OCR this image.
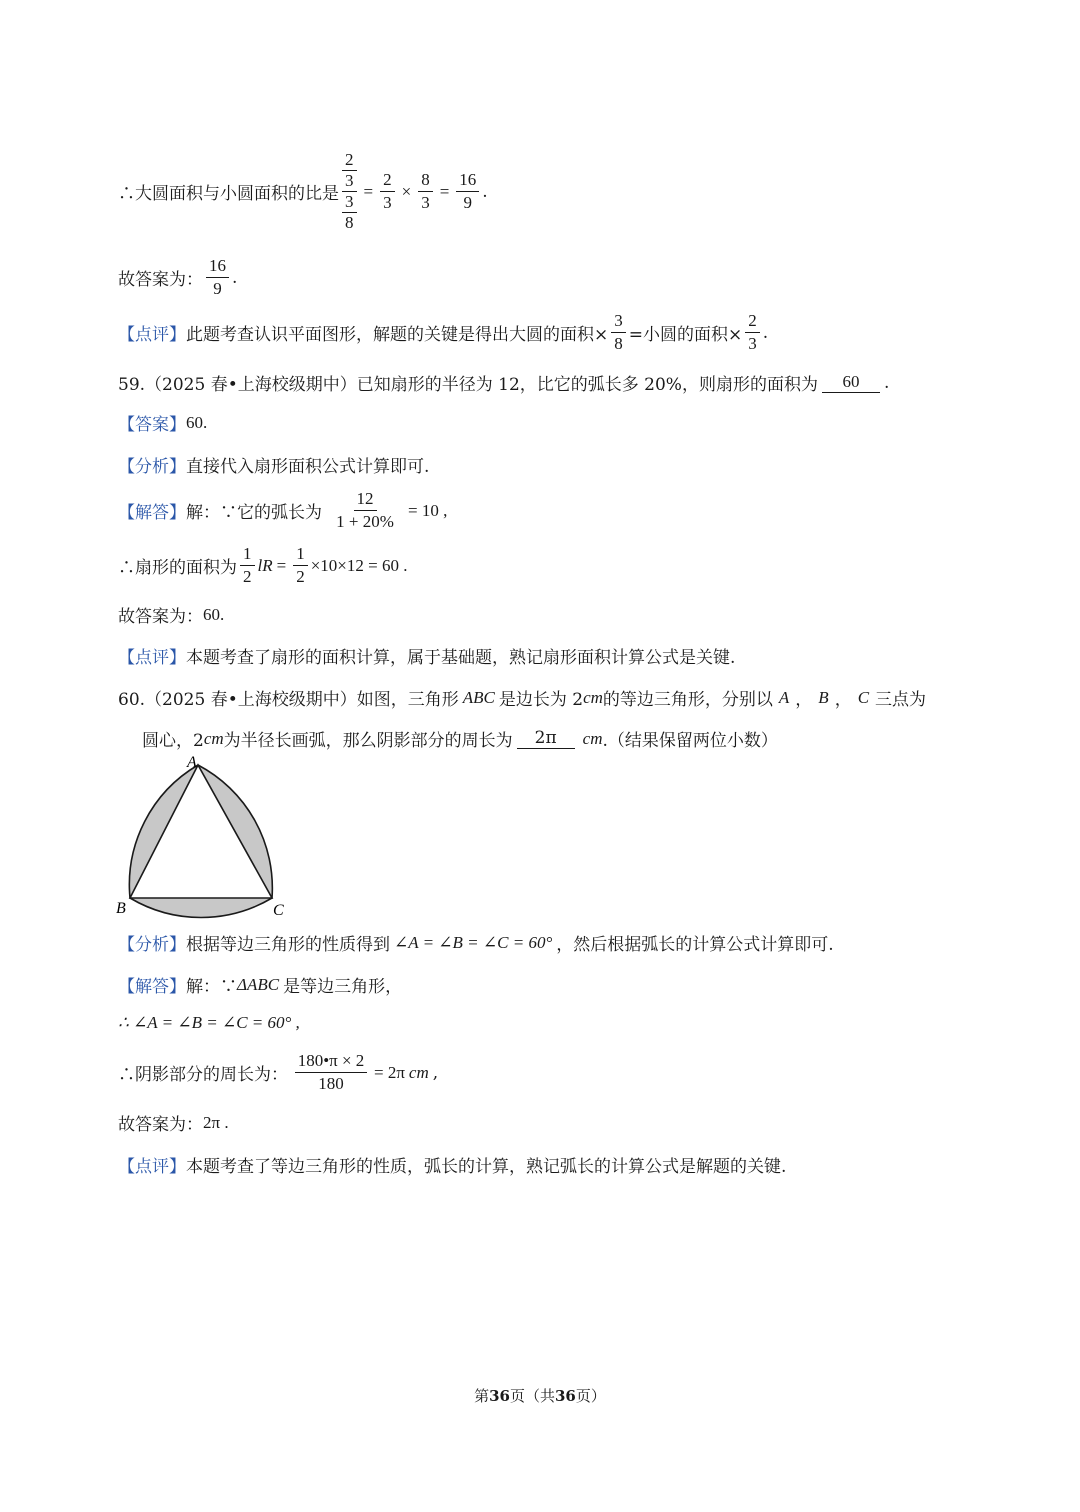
∴大圆面积与小圆面积的比是 $\frac{\frac{2}{3}}{\frac{3}{8}} = \frac{2}{3} \times \frac{8}{3} = \frac{16}{9}$ .
故答案为： $\frac{16}{9}$ .
【点评】 此题考查认识平面图形，解题的关键是得出大圆的面积× $\frac{3}{8}$ =小圆的面积× $\frac{2}{3}$ .
59.（2025 春•上海校级期中）已知扇形的半径为 12，比它的弧长多 20%，则扇形的面积为	60	.
【答案】 60.
【分析】 直接代入扇形面积公式计算即可.
【解答】 解：∵它的弧长为 $\frac{12}{1 + 20\%} = 10$ ,
∴扇形的面积为 $\frac{1}{2}$ lR = $\frac{1}{2} \times 10\times 12 = 60$ .
故答案为： 60.
【点评】 本题考查了扇形的面积计算，属于基础题，熟记扇形面积计算公式是关键.
60.（2025 春•上海校级期中）如图，三角形 ABC 是边长为 2 cm 的等边三角形，分别以 A ， B ， C 三点为
圆心，2 cm 为半径长画弧，那么阴影部分的周长为	2π	cm .（结果保留两位小数）
A
B	C
【分析】 根据等边三角形的性质得到 ∠A = ∠B = ∠C = 60° ，然后根据弧长的计算公式计算即可.
【解答】 解：∵ ΔABC 是等边三角形，
∴ ∠A = ∠B = ∠C = 60° ,
∴阴影部分的周长为： $\frac{180•\pi \times 2}{180} = 2\pi$ cm ,
故答案为： 2π .
【点评】 本题考查了等边三角形的性质，弧长的计算，熟记弧长的计算公式是解题的关键.
第36页（共36页）
